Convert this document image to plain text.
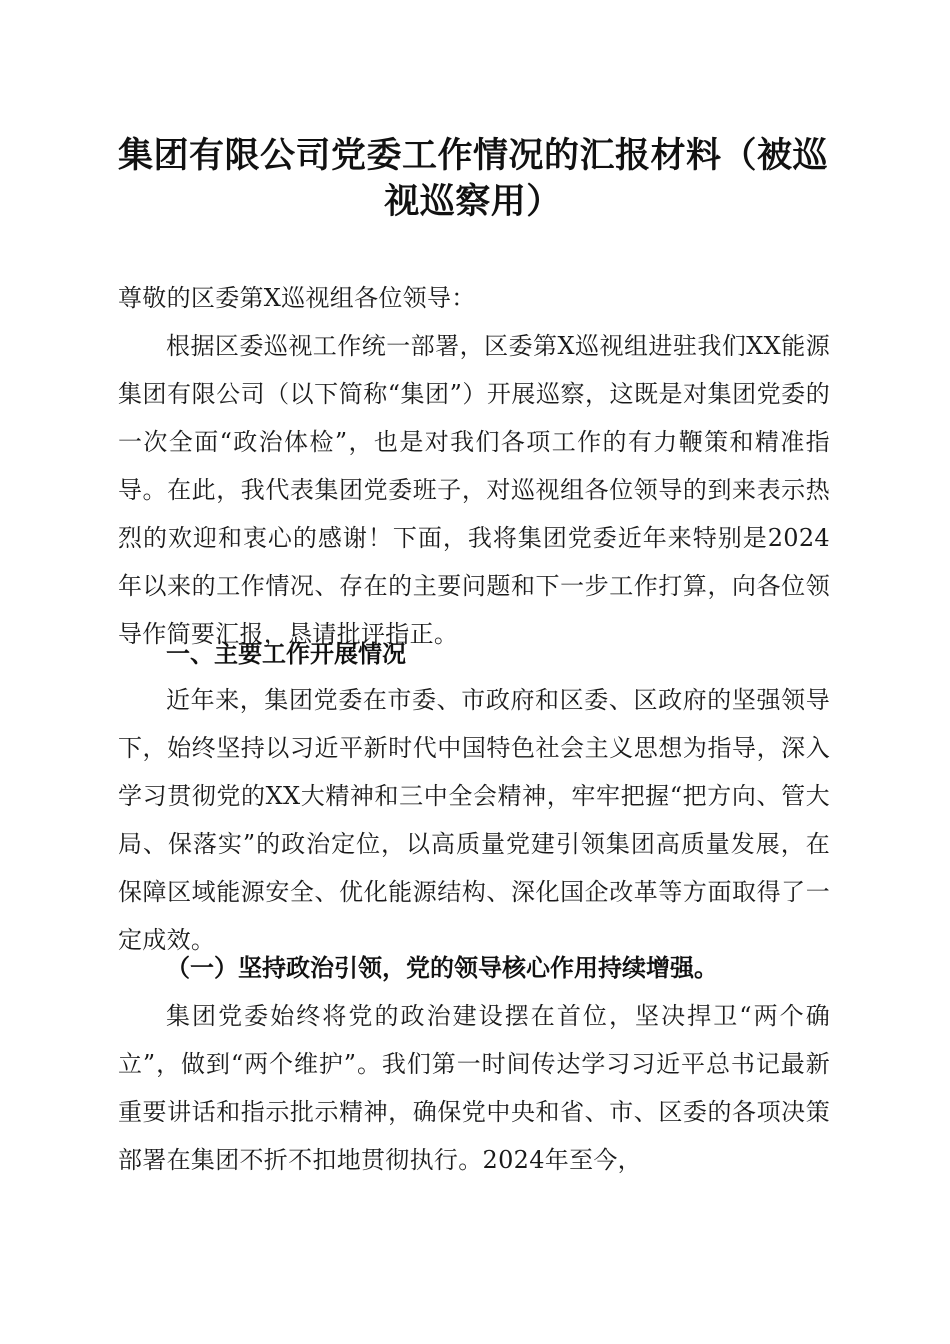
集团有限公司党委工作情况的汇报材料（被巡视巡察用）

尊敬的区委第X巡视组各位领导：

根据区委巡视工作统一部署，区委第X巡视组进驻我们XX能源集团有限公司（以下简称“集团”）开展巡察，这既是对集团党委的一次全面“政治体检”，也是对我们各项工作的有力鞭策和精准指导。在此，我代表集团党委班子，对巡视组各位领导的到来表示热烈的欢迎和衷心的感谢！下面，我将集团党委近年来特别是2024年以来的工作情况、存在的主要问题和下一步工作打算，向各位领导作简要汇报，恳请批评指正。

一、主要工作开展情况

近年来，集团党委在市委、市政府和区委、区政府的坚强领导下，始终坚持以习近平新时代中国特色社会主义思想为指导，深入学习贯彻党的XX大精神和三中全会精神，牢牢把握“把方向、管大局、保落实”的政治定位，以高质量党建引领集团高质量发展，在保障区域能源安全、优化能源结构、深化国企改革等方面取得了一定成效。

（一）坚持政治引领，党的领导核心作用持续增强。

集团党委始终将党的政治建设摆在首位，坚决捍卫“两个确立”，做到“两个维护”。我们第一时间传达学习习近平总书记最新重要讲话和指示批示精神，确保党中央和省、市、区委的各项决策部署在集团不折不扣地贯彻执行。2024年至今，
